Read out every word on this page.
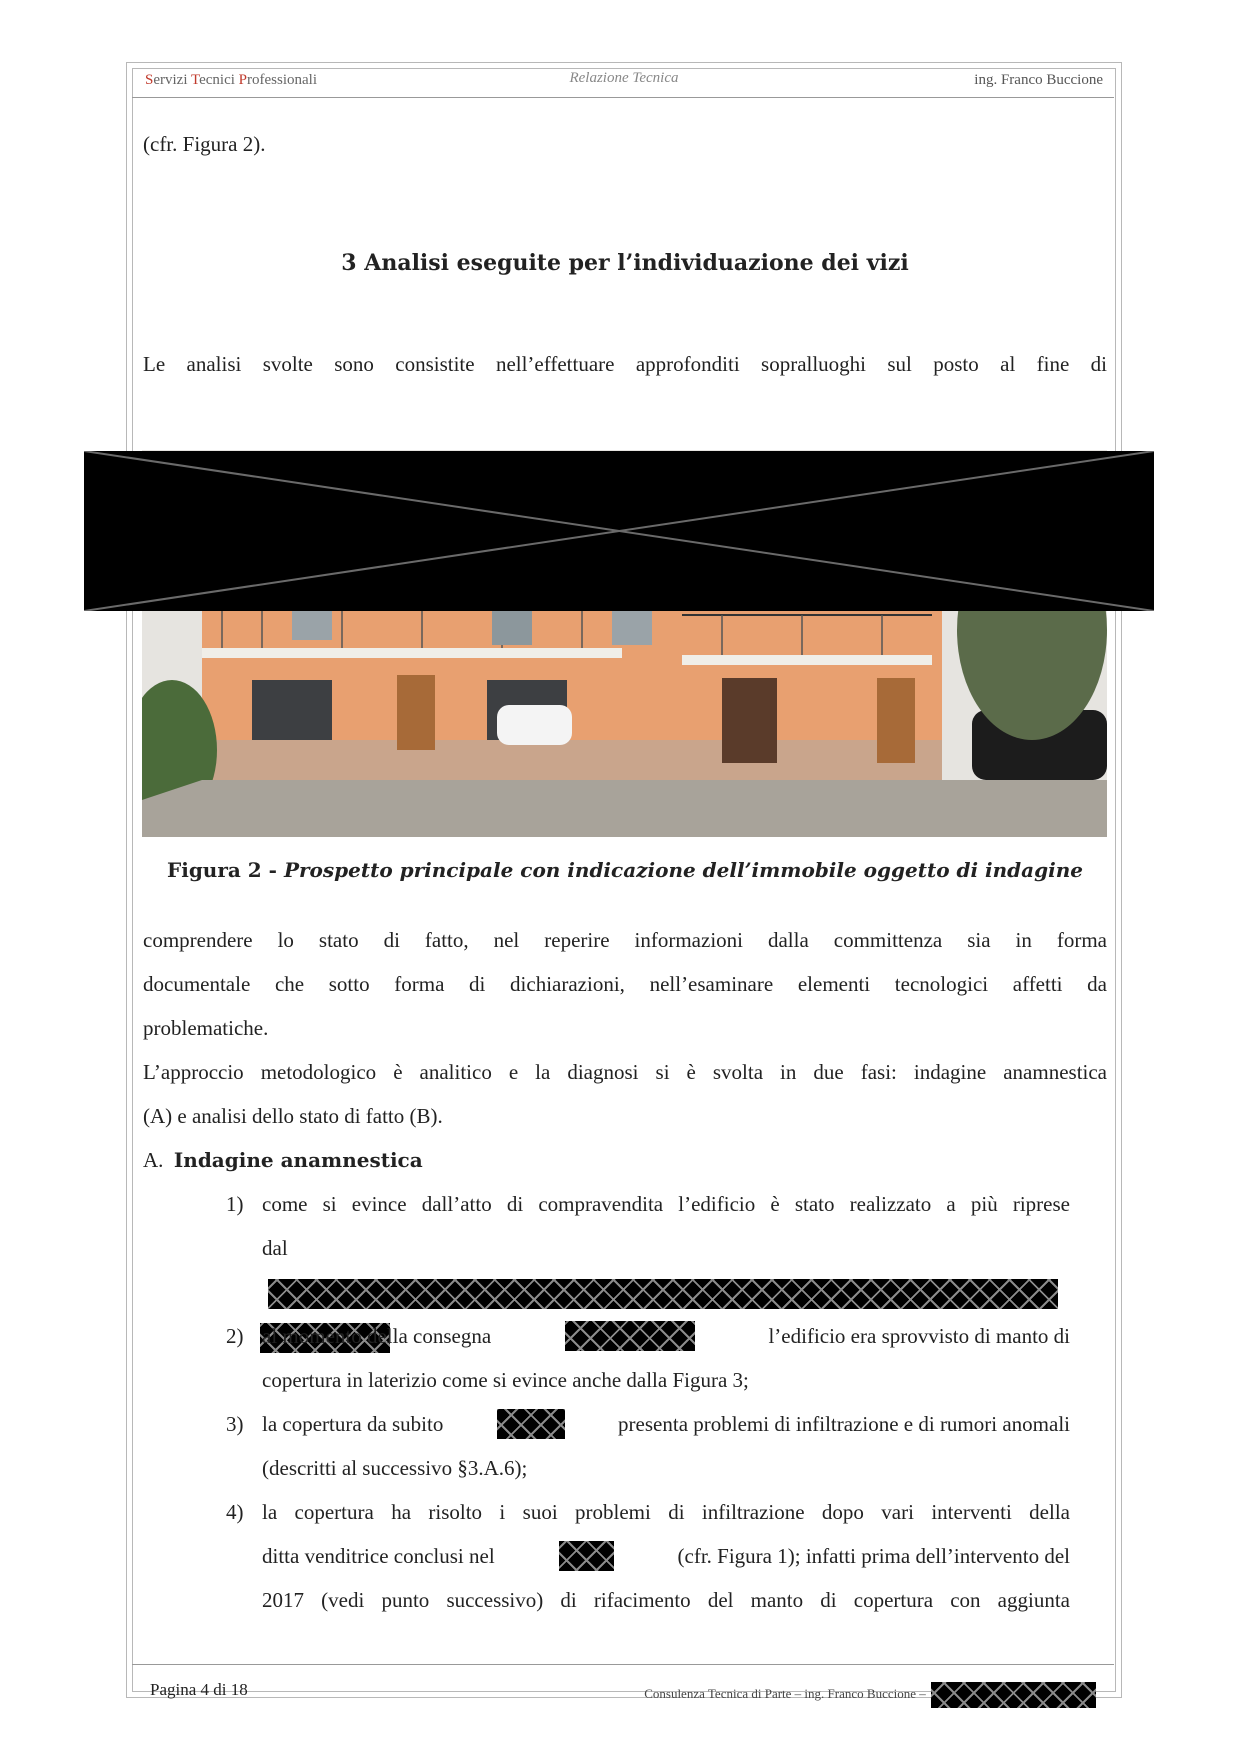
Servizi Tecnici Professionali	Relazione Tecnica	ing. Franco Buccione
(cfr. Figura 2).
3 Analisi eseguite per l’individuazione dei vizi
Le analisi svolte sono consistite nell’effettuare approfonditi sopralluoghi sul posto al fine di
Figura 2 - Prospetto principale con indicazione dell’immobile oggetto di indagine
comprendere lo stato di fatto, nel reperire informazioni dalla committenza sia in forma
documentale che sotto forma di dichiarazioni, nell’esaminare elementi tecnologici affetti da
problematiche.
L’approccio metodologico è analitico e la diagnosi si è svolta in due fasi: indagine anamnestica
(A) e analisi dello stato di fatto (B).
A. Indagine anamnestica
1) come si evince dall’atto di compravendita l’edificio è stato realizzato a più riprese
dal
2) al momento della consegna	l’edificio era sprovvisto di manto di
copertura in laterizio come si evince anche dalla Figura 3;
3) la copertura da subito	presenta problemi di infiltrazione e di rumori anomali
(descritti al successivo §3.A.6);
4) la copertura ha risolto i suoi problemi di infiltrazione dopo vari interventi della
ditta venditrice conclusi nel	(cfr. Figura 1); infatti prima dell’intervento del
2017 (vedi punto successivo) di rifacimento del manto di copertura con aggiunta
Pagina 4 di 18	Consulenza Tecnica di Parte – ing. Franco Buccione –
